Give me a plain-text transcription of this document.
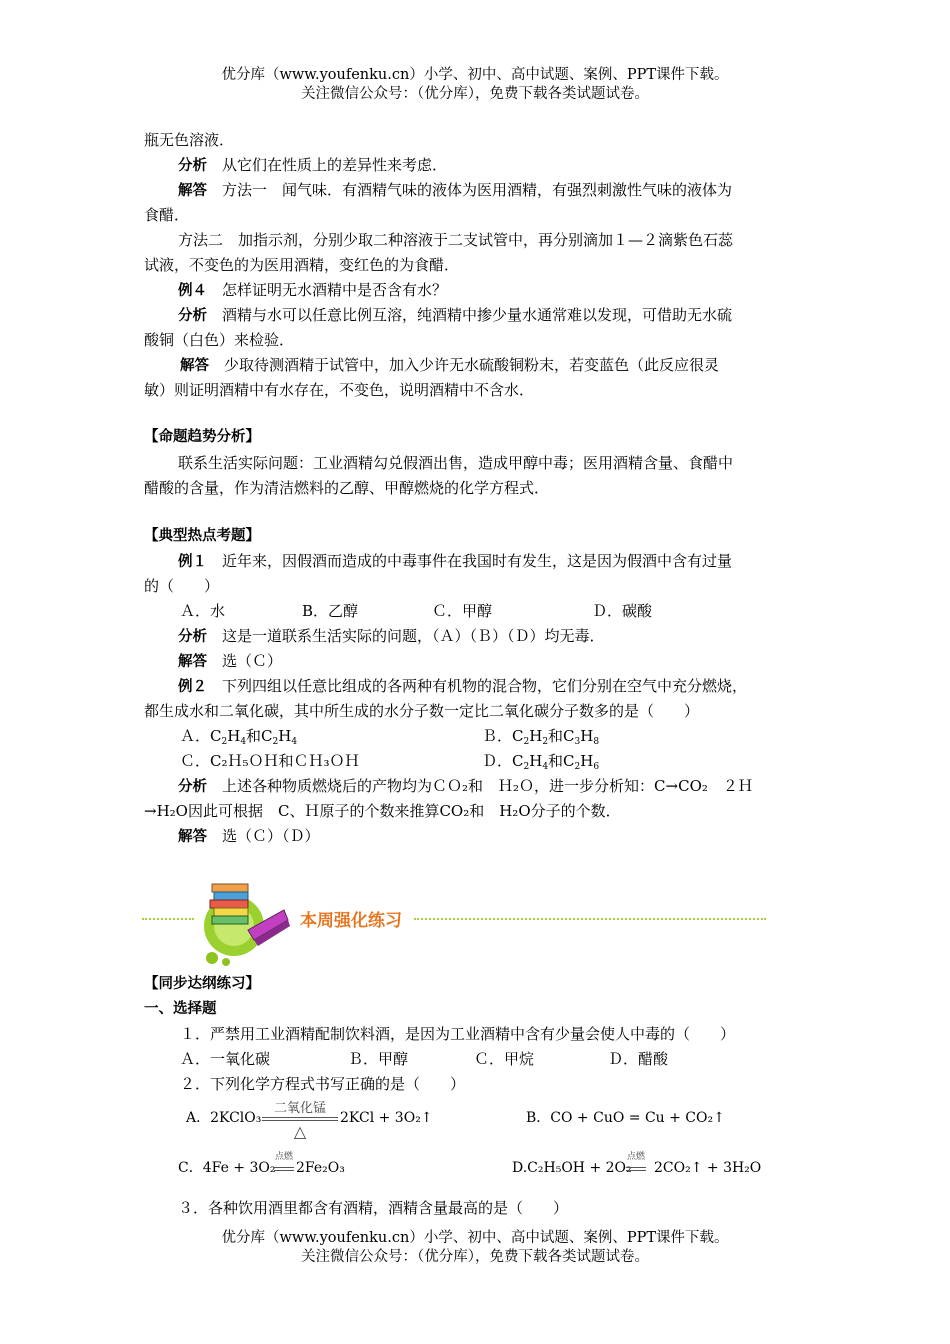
优分库（www.youfenku.cn）小学、初中、高中试题、案例、PPT课件下载。
关注微信公众号：（优分库），免费下载各类试题试卷。
瓶无色溶液．
分析　 从它们在性质上的差异性来考虑．
解答　 方法一　闻气味．有酒精气味的液体为医用酒精，有强烈刺激性气味的液体为
食醋．
方法二　加指示剂，分别少取二种溶液于二支试管中，再分别滴加１—２滴紫色石蕊
试液，不变色的为医用酒精，变红色的为食醋．
例４　 怎样证明无水酒精中是否含有水？
分析　 酒精与水可以任意比例互溶，纯酒精中掺少量水通常难以发现，可借助无水硫
酸铜（白色）来检验．
解答　 少取待测酒精于试管中，加入少许无水硫酸铜粉末，若变蓝色（此反应很灵
敏）则证明酒精中有水存在，不变色，说明酒精中不含水．
【命题趋势分析】
联系生活实际问题：工业酒精勾兑假酒出售，造成甲醇中毒；医用酒精含量、食醋中
醋酸的含量，作为清洁燃料的乙醇、甲醇燃烧的化学方程式．
【典型热点考题】
例１　 近年来，因假酒而造成的中毒事件在我国时有发生，这是因为假酒中含有过量
的（　　）
Ａ．水	B．乙醇	Ｃ．甲醇	Ｄ．碳酸
分析　 这是一道联系生活实际的问题，（Ａ）（Ｂ）（Ｄ）均无毒．
解答　 选（Ｃ）
例２　 下列四组以任意比组成的各两种有机物的混合物，它们分别在空气中充分燃烧，
都生成水和二氧化碳，其中所生成的水分子数一定比二氧化碳分子数多的是（　　）
Ａ．$C_2H_4$和$C_2H_4$	Ｂ．$C_2H_2$和$C_3H_8$
Ｃ．C₂Ｈ₅ＯＨ和ＣＨ₃ＯＨ	Ｄ．$C_2H_4$和$C_2H_6$
分析　 上述各种物质燃烧后的产物均为ＣＯ₂和　Ｈ₂Ｏ，进一步分析知：C→CO₂　２Ｈ
→H₂O因此可根据　C、Ｈ原子的个数来推算CO₂和　H₂O分子的个数．
解答　 选（Ｃ）（Ｄ）
本周强化练习
【同步达纲练习】
一、选择题
１．严禁用工业酒精配制饮料酒，是因为工业酒精中含有少量会使人中毒的（　　）
Ａ．一氧化碳	Ｂ．甲醇	Ｃ．甲烷	Ｄ．醋酸
２．下列化学方程式书写正确的是（　　）
A．2KClO₃
二氧化锰
△
2KCl + 3O₂↑	B．CO + CuO = Cu + CO₂↑
C．4Fe + 3O₂
点燃
2Fe₂O₃	D.C₂H₅OH + 2O₂
点燃
2CO₂↑ + 3H₂O
３．各种饮用酒里都含有酒精，酒精含量最高的是（　　）
优分库（www.youfenku.cn）小学、初中、高中试题、案例、PPT课件下载。
关注微信公众号：（优分库），免费下载各类试题试卷。
